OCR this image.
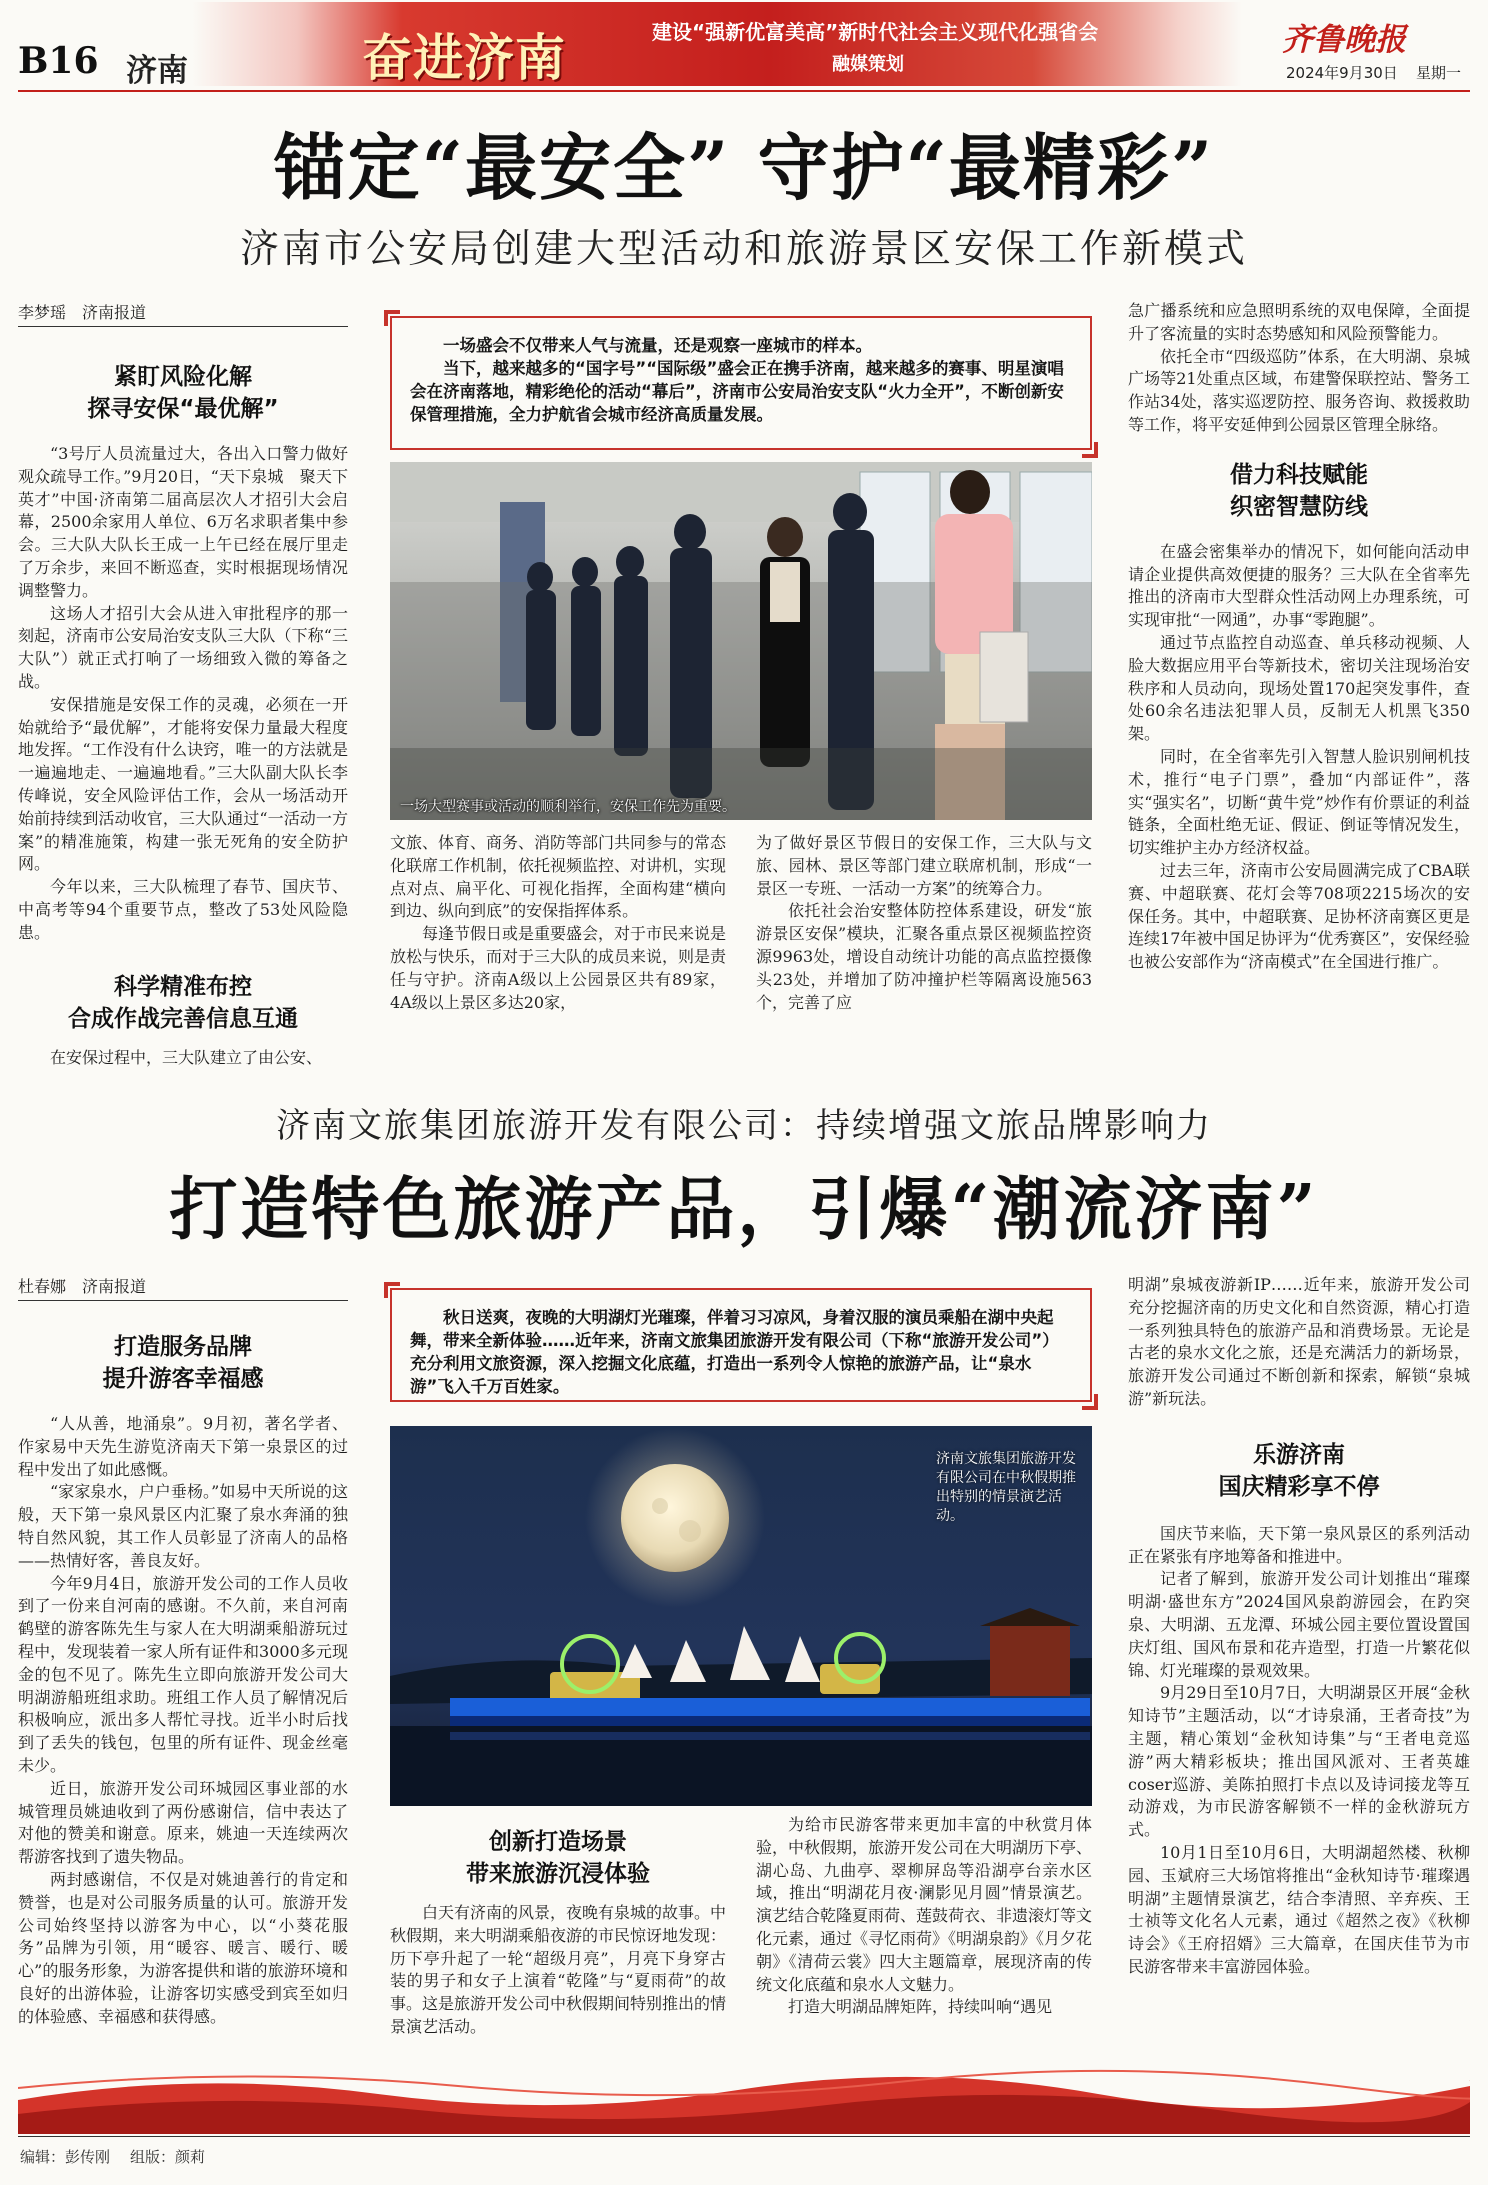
B16 济南	奋进济南	建设“强新优富美高”新时代社会主义现代化强省会
融媒策划
齐鲁晚报
2024年9月30日 星期一
锚定“最安全” 守护“最精彩”
济南市公安局创建大型活动和旅游景区安保工作新模式
李梦瑶　济南报道
紧盯风险化解
探寻安保“最优解”

“3号厅人员流量过大，各出入口警力做好观众疏导工作。”9月20日，“天下泉城　聚天下英才”中国·济南第二届高层次人才招引大会启幕，2500余家用人单位、6万名求职者集中参会。三大队大队长王成一上午已经在展厅里走了万余步，来回不断巡查，实时根据现场情况调整警力。

这场人才招引大会从进入审批程序的那一刻起，济南市公安局治安支队三大队（下称“三大队”）就正式打响了一场细致入微的筹备之战。

安保措施是安保工作的灵魂，必须在一开始就给予“最优解”，才能将安保力量最大程度地发挥。“工作没有什么诀窍，唯一的方法就是一遍遍地走、一遍遍地看。”三大队副大队长李传峰说，安全风险评估工作，会从一场活动开始前持续到活动收官，三大队通过“一活动一方案”的精准施策，构建一张无死角的安全防护网。

今年以来，三大队梳理了春节、国庆节、中高考等94个重要节点，整改了53处风险隐患。

科学精准布控
合成作战完善信息互通

在安保过程中，三大队建立了由公安、

一场盛会不仅带来人气与流量，还是观察一座城市的样本。

当下，越来越多的“国字号”“国际级”盛会正在携手济南，越来越多的赛事、明星演唱会在济南落地，精彩绝伦的活动“幕后”，济南市公安局治安支队“火力全开”，不断创新安保管理措施，全力护航省会城市经济高质量发展。

一场大型赛事或活动的顺利举行，安保工作先为重要。

文旅、体育、商务、消防等部门共同参与的常态化联席工作机制，依托视频监控、对讲机，实现点对点、扁平化、可视化指挥，全面构建“横向到边、纵向到底”的安保指挥体系。

每逢节假日或是重要盛会，对于市民来说是放松与快乐，而对于三大队的成员来说，则是责任与守护。济南A级以上公园景区共有89家，4A级以上景区多达20家，

为了做好景区节假日的安保工作，三大队与文旅、园林、景区等部门建立联席机制，形成“一景区一专班、一活动一方案”的统筹合力。

依托社会治安整体防控体系建设，研发“旅游景区安保”模块，汇聚各重点景区视频监控资源9963处，增设自动统计功能的高点监控摄像头23处，并增加了防冲撞护栏等隔离设施563个，完善了应

急广播系统和应急照明系统的双电保障，全面提升了客流量的实时态势感知和风险预警能力。

依托全市“四级巡防”体系，在大明湖、泉城广场等21处重点区域，布建警保联控站、警务工作站34处，落实巡逻防控、服务咨询、救援救助等工作，将平安延伸到公园景区管理全脉络。

借力科技赋能
织密智慧防线

在盛会密集举办的情况下，如何能向活动申请企业提供高效便捷的服务？三大队在全省率先推出的济南市大型群众性活动网上办理系统，可实现审批“一网通”，办事“零跑腿”。

通过节点监控自动巡查、单兵移动视频、人脸大数据应用平台等新技术，密切关注现场治安秩序和人员动向，现场处置170起突发事件，查处60余名违法犯罪人员，反制无人机黑飞350架。

同时，在全省率先引入智慧人脸识别闸机技术，推行“电子门票”，叠加“内部证件”，落实“强实名”，切断“黄牛党”炒作有价票证的利益链条，全面杜绝无证、假证、倒证等情况发生，切实维护主办方经济权益。

过去三年，济南市公安局圆满完成了CBA联赛、中超联赛、花灯会等708项2215场次的安保任务。其中，中超联赛、足协杯济南赛区更是连续17年被中国足协评为“优秀赛区”，安保经验也被公安部作为“济南模式”在全国进行推广。

济南文旅集团旅游开发有限公司：持续增强文旅品牌影响力
打造特色旅游产品，引爆“潮流济南”
杜春娜　济南报道
打造服务品牌
提升游客幸福感

“人从善，地涌泉”。9月初，著名学者、作家易中天先生游览济南天下第一泉景区的过程中发出了如此感慨。

“家家泉水，户户垂杨。”如易中天所说的这般，天下第一泉风景区内汇聚了泉水奔涌的独特自然风貌，其工作人员彰显了济南人的品格——热情好客，善良友好。

今年9月4日，旅游开发公司的工作人员收到了一份来自河南的感谢。不久前，来自河南鹤壁的游客陈先生与家人在大明湖乘船游玩过程中，发现装着一家人所有证件和3000多元现金的包不见了。陈先生立即向旅游开发公司大明湖游船班组求助。班组工作人员了解情况后积极响应，派出多人帮忙寻找。近半小时后找到了丢失的钱包，包里的所有证件、现金丝毫未少。

近日，旅游开发公司环城园区事业部的水城管理员姚迪收到了两份感谢信，信中表达了对他的赞美和谢意。原来，姚迪一天连续两次帮游客找到了遗失物品。

两封感谢信，不仅是对姚迪善行的肯定和赞誉，也是对公司服务质量的认可。旅游开发公司始终坚持以游客为中心，以“小葵花服务”品牌为引领，用“暖容、暖言、暖行、暖心”的服务形象，为游客提供和谐的旅游环境和良好的出游体验，让游客切实感受到宾至如归的体验感、幸福感和获得感。

秋日送爽，夜晚的大明湖灯光璀璨，伴着习习凉风，身着汉服的演员乘船在湖中央起舞，带来全新体验……近年来，济南文旅集团旅游开发有限公司（下称“旅游开发公司”）充分利用文旅资源，深入挖掘文化底蕴，打造出一系列令人惊艳的旅游产品，让“泉水游”飞入千万百姓家。

济南文旅集团旅游开发有限公司在中秋假期推出特别的情景演艺活动。
创新打造场景
带来旅游沉浸体验

白天有济南的风景，夜晚有泉城的故事。中秋假期，来大明湖乘船夜游的市民惊讶地发现：历下亭升起了一轮“超级月亮”，月亮下身穿古装的男子和女子上演着“乾隆”与“夏雨荷”的故事。这是旅游开发公司中秋假期间特别推出的情景演艺活动。

为给市民游客带来更加丰富的中秋赏月体验，中秋假期，旅游开发公司在大明湖历下亭、湖心岛、九曲亭、翠柳屏岛等沿湖亭台亲水区域，推出“明湖花月夜·澜影见月圆”情景演艺。演艺结合乾隆夏雨荷、莲鼓荷衣、非遗滚灯等文化元素，通过《寻忆雨荷》《明湖泉韵》《月夕花朝》《清荷云裳》四大主题篇章，展现济南的传统文化底蕴和泉水人文魅力。

打造大明湖品牌矩阵，持续叫响“遇见

明湖”泉城夜游新IP……近年来，旅游开发公司充分挖掘济南的历史文化和自然资源，精心打造一系列独具特色的旅游产品和消费场景。无论是古老的泉水文化之旅，还是充满活力的新场景，旅游开发公司通过不断创新和探索，解锁“泉城游”新玩法。

乐游济南
国庆精彩享不停

国庆节来临，天下第一泉风景区的系列活动正在紧张有序地筹备和推进中。

记者了解到，旅游开发公司计划推出“璀璨明湖·盛世东方”2024国风泉韵游园会，在趵突泉、大明湖、五龙潭、环城公园主要位置设置国庆灯组、国风布景和花卉造型，打造一片繁花似锦、灯光璀璨的景观效果。

9月29日至10月7日，大明湖景区开展“金秋知诗节”主题活动，以“才诗泉涌，王者奇技”为主题，精心策划“金秋知诗集”与“王者电竞巡游”两大精彩板块；推出国风派对、王者英雄coser巡游、美陈拍照打卡点以及诗词接龙等互动游戏，为市民游客解锁不一样的金秋游玩方式。

10月1日至10月6日，大明湖超然楼、秋柳园、玉斌府三大场馆将推出“金秋知诗节·璀璨遇明湖”主题情景演艺，结合李清照、辛弃疾、王士祯等文化名人元素，通过《超然之夜》《秋柳诗会》《王府招婿》三大篇章，在国庆佳节为市民游客带来丰富游园体验。

编辑：彭传刚 组版：颜莉
